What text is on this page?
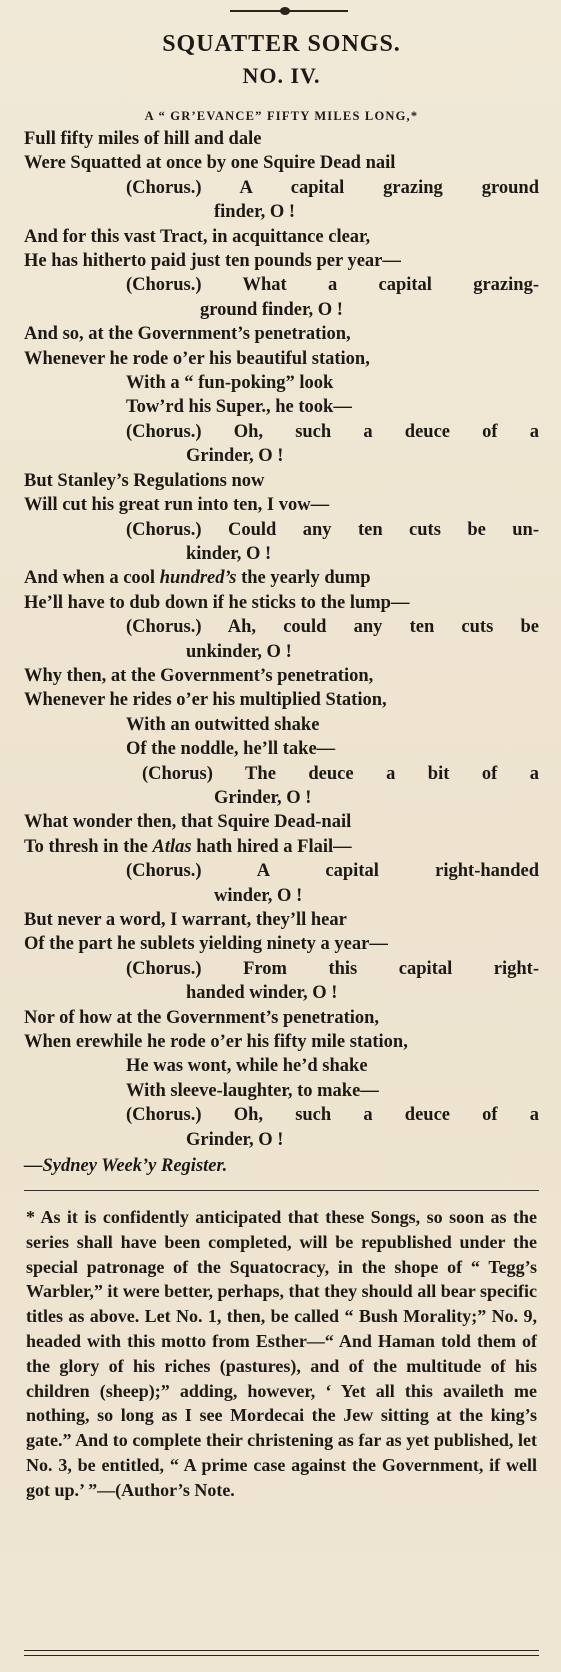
SQUATTER SONGS.
NO. IV.
A “ GR’EVANCE” FIFTY MILES LONG,*
Full fifty miles of hill and dale
Were Squatted at once by one Squire Dead nail
(Chorus.) A capital grazing ground
finder, O !
And for this vast Tract, in acquittance clear,
He has hitherto paid just ten pounds per year—
(Chorus.) What a capital grazing-
ground finder, O !
And so, at the Government’s penetration,
Whenever he rode o’er his beautiful station,
With a “ fun-poking” look
Tow’rd his Super., he took—
(Chorus.) Oh, such a deuce of a
Grinder, O !
But Stanley’s Regulations now
Will cut his great run into ten, I vow—
(Chorus.) Could any ten cuts be un-
kinder, O !
And when a cool hundred’s the yearly dump
He’ll have to dub down if he sticks to the lump—
(Chorus.) Ah, could any ten cuts be
unkinder, O !
Why then, at the Government’s penetration,
Whenever he rides o’er his multiplied Station,
With an outwitted shake
Of the noddle, he’ll take—
(Chorus) The deuce a bit of a
Grinder, O !
What wonder then, that Squire Dead-nail
To thresh in the Atlas hath hired a Flail—
(Chorus.) A capital right-handed
winder, O !
But never a word, I warrant, they’ll hear
Of the part he sublets yielding ninety a year—
(Chorus.) From this capital right-
handed winder, O !
Nor of how at the Government’s penetration,
When erewhile he rode o’er his fifty mile station,
He was wont, while he’d shake
With sleeve-laughter, to make—
(Chorus.) Oh, such a deuce of a
Grinder, O !
—Sydney Week’y Register.
* As it is confidently anticipated that these Songs, so soon as the series shall have been completed, will be republished under the special patronage of the Squatocracy, in the shope of “ Tegg’s Warbler,” it were better, perhaps, that they should all bear specific titles as above. Let No. 1, then, be called “ Bush Morality;” No. 9, headed with this motto from Esther—“ And Haman told them of the glory of his riches (pastures), and of the multitude of his children (sheep);” adding, however, ‘ Yet all this availeth me nothing, so long as I see Mordecai the Jew sitting at the king’s gate.” And to complete their christening as far as yet published, let No. 3, be entitled, “ A prime case against the Government, if well got up.’ ”—(Author’s Note.
